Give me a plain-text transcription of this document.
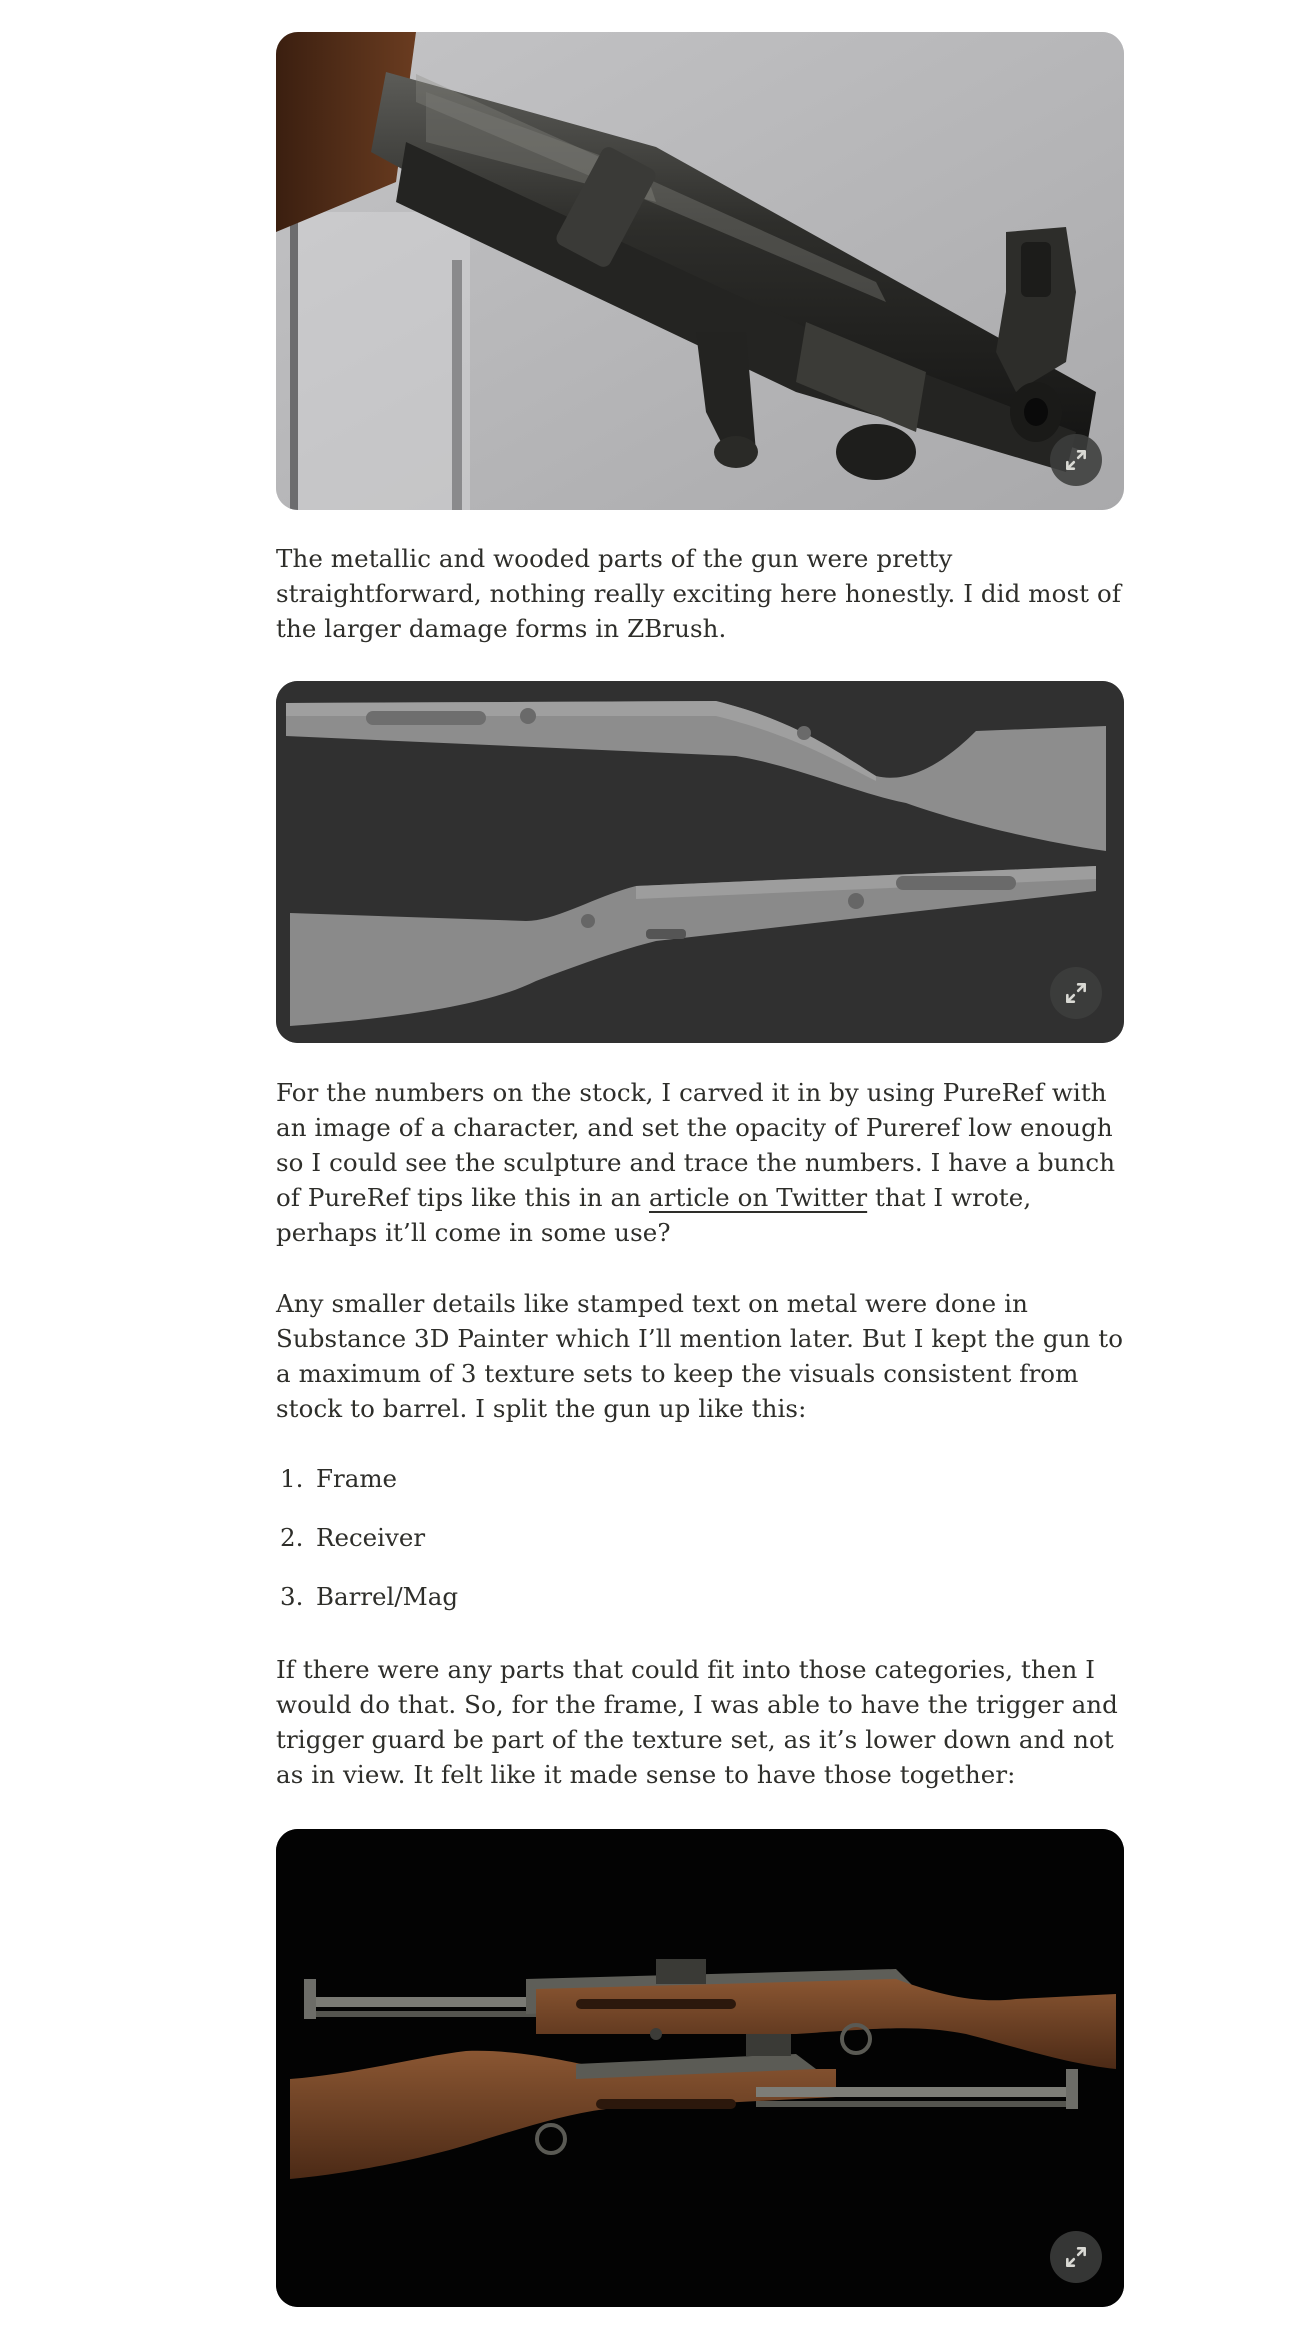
The metallic and wooded parts of the gun were pretty straightforward, nothing really exciting here honestly. I did most of the larger damage forms in ZBrush.

For the numbers on the stock, I carved it in by using PureRef with an image of a character, and set the opacity of Pureref low enough so I could see the sculpture and trace the numbers. I have a bunch of PureRef tips like this in an article on Twitter that I wrote, perhaps it’ll come in some use?

Any smaller details like stamped text on metal were done in Substance 3D Painter which I’ll mention later. But I kept the gun to a maximum of 3 texture sets to keep the visuals consistent from stock to barrel. I split the gun up like this:

1. Frame
2. Receiver
3. Barrel/Mag

If there were any parts that could fit into those categories, then I would do that. So, for the frame, I was able to have the trigger and trigger guard be part of the texture set, as it’s lower down and not as in view. It felt like it made sense to have those together:
